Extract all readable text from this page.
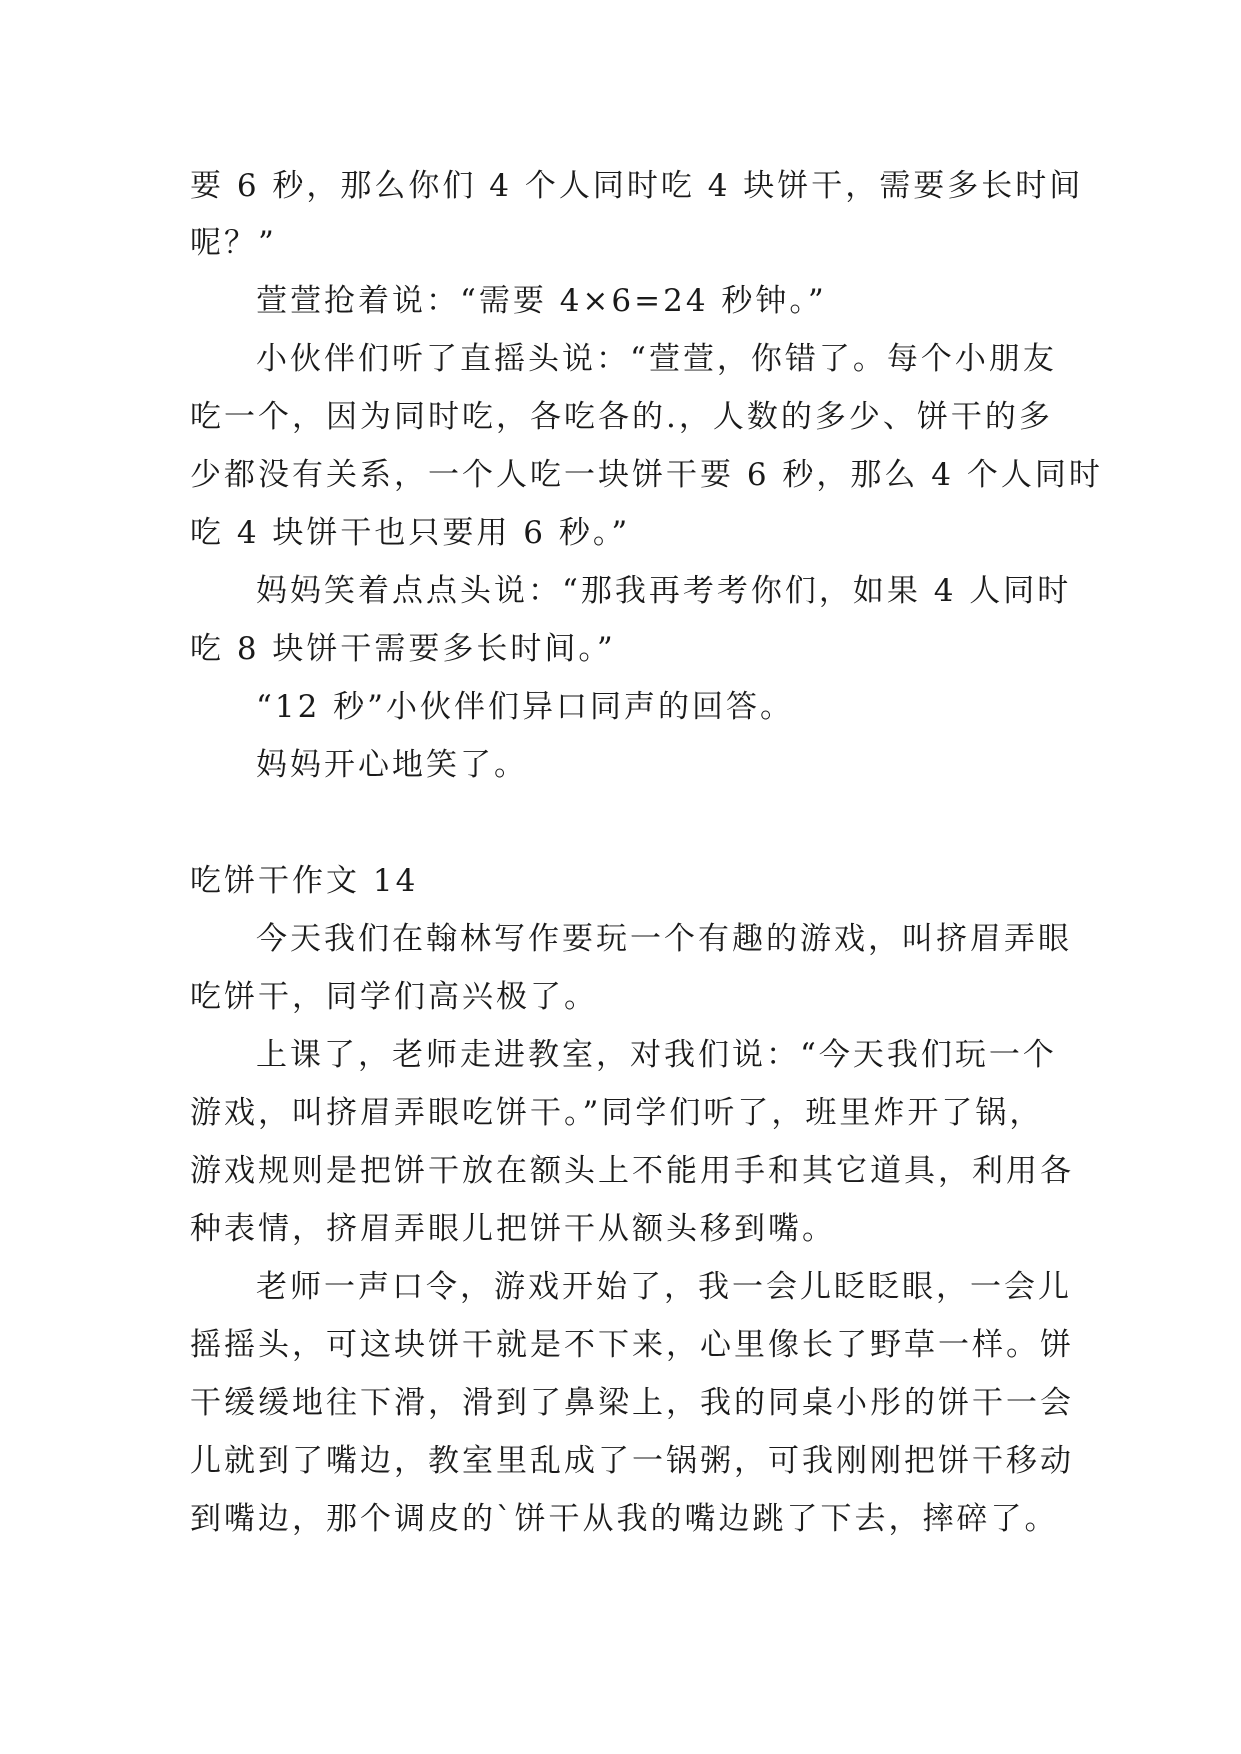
要 6 秒，那么你们 4 个人同时吃 4 块饼干，需要多长时间
呢？”
萱萱抢着说：“需要 4×6=24 秒钟。”
小伙伴们听了直摇头说：“萱萱，你错了。每个小朋友
吃一个，因为同时吃，各吃各的.，人数的多少、饼干的多
少都没有关系，一个人吃一块饼干要 6 秒，那么 4 个人同时
吃 4 块饼干也只要用 6 秒。”
妈妈笑着点点头说：“那我再考考你们，如果 4 人同时
吃 8 块饼干需要多长时间。”
“12 秒”小伙伴们异口同声的回答。
妈妈开心地笑了。
吃饼干作文 14
今天我们在翰林写作要玩一个有趣的游戏，叫挤眉弄眼
吃饼干，同学们高兴极了。
上课了，老师走进教室，对我们说：“今天我们玩一个
游戏，叫挤眉弄眼吃饼干。”同学们听了，班里炸开了锅，
游戏规则是把饼干放在额头上不能用手和其它道具，利用各
种表情，挤眉弄眼儿把饼干从额头移到嘴。
老师一声口令，游戏开始了，我一会儿眨眨眼，一会儿
摇摇头，可这块饼干就是不下来，心里像长了野草一样。饼
干缓缓地往下滑，滑到了鼻梁上，我的同桌小彤的饼干一会
儿就到了嘴边，教室里乱成了一锅粥，可我刚刚把饼干移动
到嘴边，那个调皮的`饼干从我的嘴边跳了下去，摔碎了。
